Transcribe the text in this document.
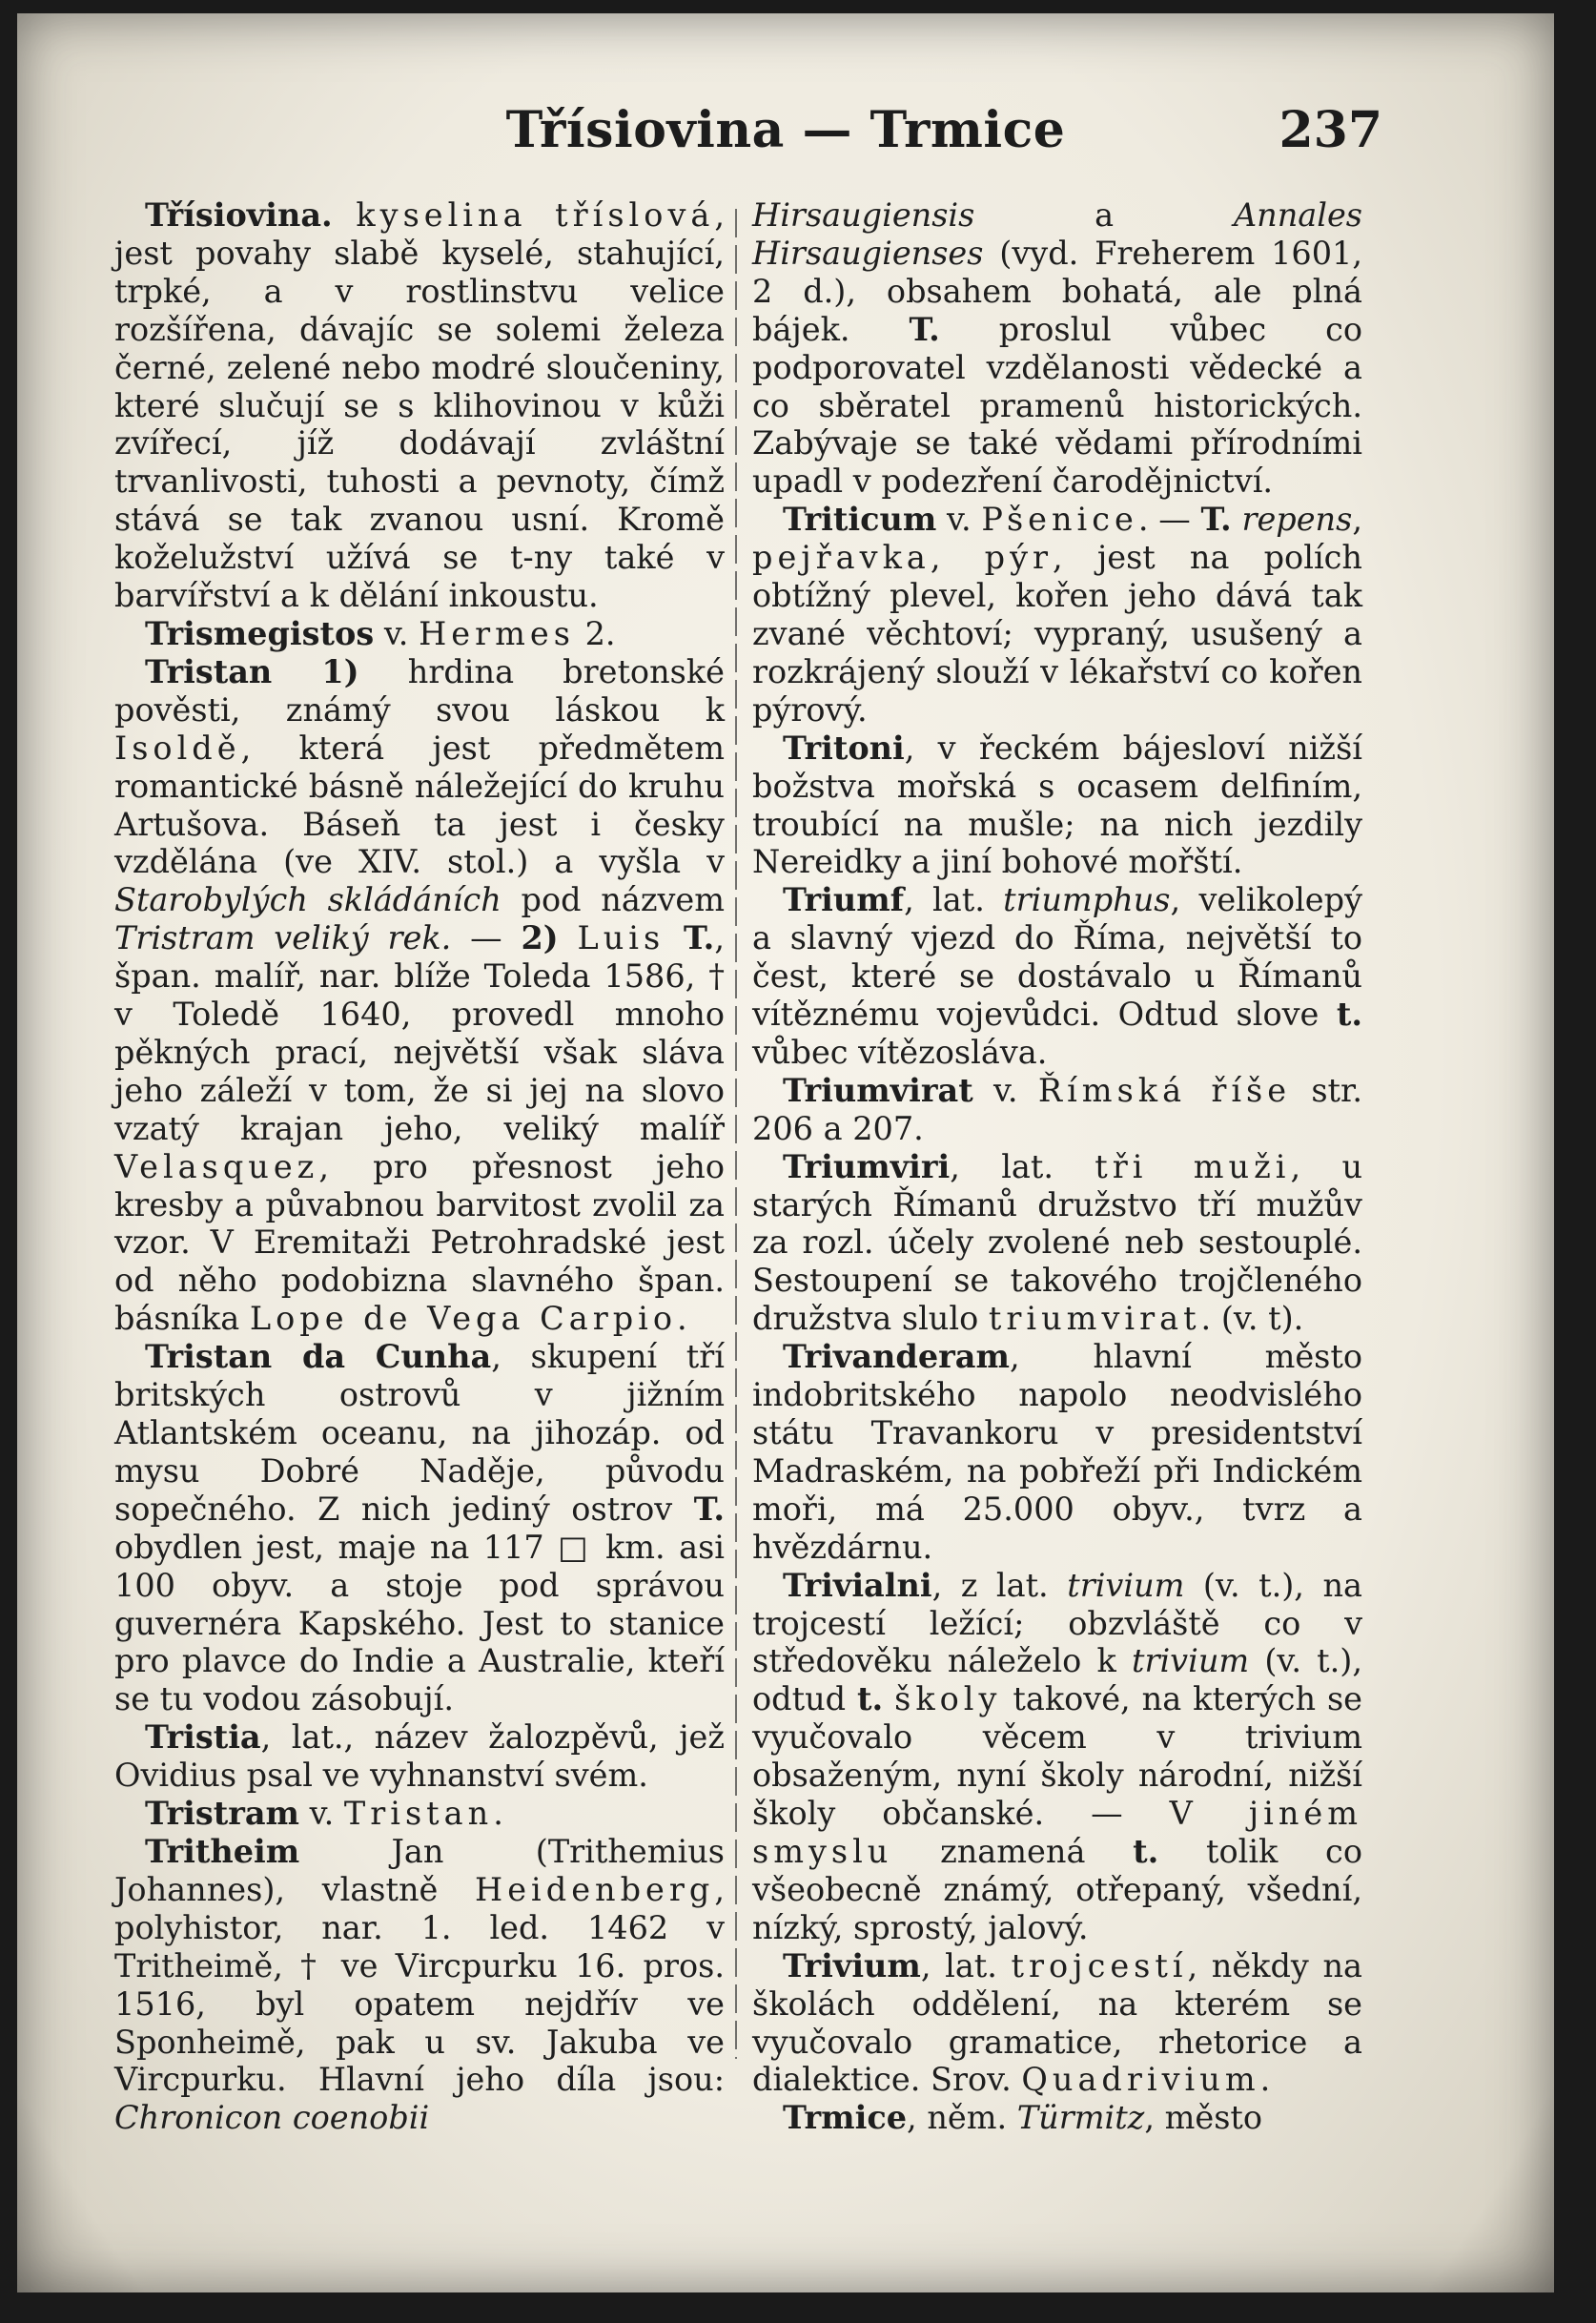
Třísiovina — Trmice	237

Třísiovina. kyselina tříslová, jest povahy slabě kyselé, stahující, trpké, a v rostlinstvu velice rozšířena, dávajíc se solemi železa černé, zelené nebo modré sloučeniny, které slučují se s klihovinou v kůži zvířecí, jíž dodávají zvláštní trvanlivosti, tuhosti a pevnoty, čímž stává se tak zvanou usní. Kromě koželužství užívá se t-ny také v barvířství a k dělání inkoustu.

Trismegistos v. Hermes 2.

Tristan 1) hrdina bretonské pověsti, známý svou láskou k Isoldě, která jest předmětem romantické básně náležející do kruhu Artušova. Báseň ta jest i česky vzdělána (ve XIV. stol.) a vyšla v Starobylých skládáních pod názvem Tristram veliký rek. — 2) Luis T., špan. malíř, nar. blíže Toleda 1586, † v Toledě 1640, provedl mnoho pěkných prací, největší však sláva jeho záleží v tom, že si jej na slovo vzatý krajan jeho, veliký malíř Velasquez, pro přesnost jeho kresby a půvabnou barvitost zvolil za vzor. V Eremitaži Petrohradské jest od něho podobizna slavného špan. básníka Lope de Vega Carpio.

Tristan da Cunha, skupení tří britských ostrovů v jižním Atlantském oceanu, na jihozáp. od mysu Dobré Naděje, původu sopečného. Z nich jediný ostrov T. obydlen jest, maje na 117 □ km. asi 100 obyv. a stoje pod správou guvernéra Kapského. Jest to stanice pro plavce do Indie a Australie, kteří se tu vodou zásobují.

Tristia, lat., název žalozpěvů, jež Ovidius psal ve vyhnanství svém.

Tristram v. Tristan.

Tritheim Jan (Trithemius Johannes), vlastně Heidenberg, polyhistor, nar. 1. led. 1462 v Tritheimě, † ve Vircpurku 16. pros. 1516, byl opatem nejdřív ve Sponheimě, pak u sv. Jakuba ve Vircpurku. Hlavní jeho díla jsou: Chronicon coenobii

Hirsaugiensis a Annales Hirsaugienses (vyd. Freherem 1601, 2 d.), obsahem bohatá, ale plná bájek. T. proslul vůbec co podporovatel vzdělanosti vědecké a co sběratel pramenů historických. Zabývaje se také vědami přírodními upadl v podezření čarodějnictví.

Triticum v. Pšenice. — T. repens, pejřavka, pýr, jest na polích obtížný plevel, kořen jeho dává tak zvané věchtoví; vypraný, usušený a rozkrájený slouží v lékařství co kořen pýrový.

Tritoni, v řeckém bájesloví nižší božstva mořská s ocasem delfiním, troubící na mušle; na nich jezdily Nereidky a jiní bohové mořští.

Triumf, lat. triumphus, velikolepý a slavný vjezd do Říma, největší to čest, které se dostávalo u Římanů vítěznému vojevůdci. Odtud slove t. vůbec vítězosláva.

Triumvirat v. Římská říše str. 206 a 207.

Triumviri, lat. tři muži, u starých Římanů družstvo tří mužův za rozl. účely zvolené neb sestouplé. Sestoupení se takového trojčleného družstva slulo triumvirat. (v. t).

Trivanderam, hlavní město indobritského napolo neodvislého státu Travankoru v presidentství Madraském, na pobřeží při Indickém moři, má 25.000 obyv., tvrz a hvězdárnu.

Trivialni, z lat. trivium (v. t.), na trojcestí ležící; obzvláště co v středověku náleželo k trivium (v. t.), odtud t. školy takové, na kterých se vyučovalo věcem v trivium obsaženým, nyní školy národní, nižší školy občanské. — V jiném smyslu znamená t. tolik co všeobecně známý, otřepaný, všední, nízký, sprostý, jalový.

Trivium, lat. trojcestí, někdy na školách oddělení, na kterém se vyučovalo gramatice, rhetorice a dialektice. Srov. Quadrivium.

Trmice, něm. Türmitz, město
